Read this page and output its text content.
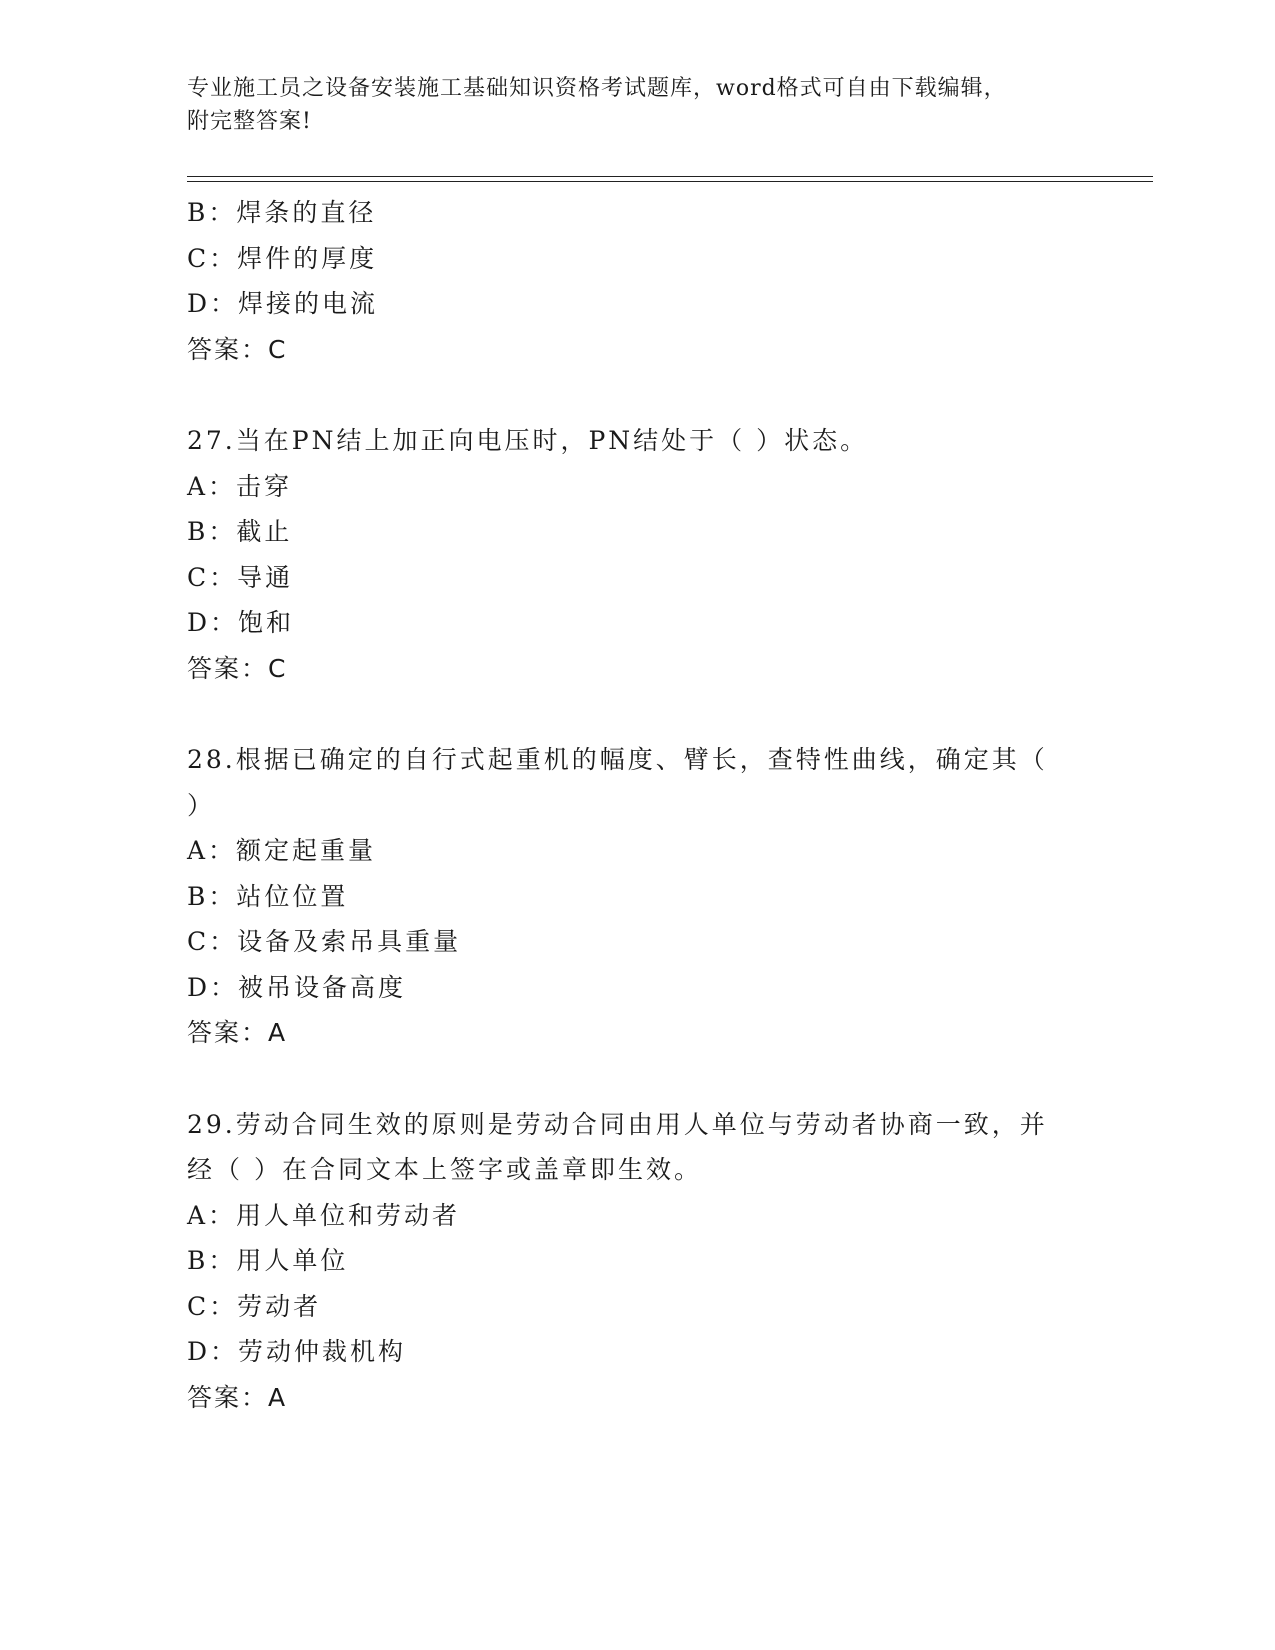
专业施工员之设备安装施工基础知识资格考试题库，word格式可自由下载编辑，
附完整答案!
B：焊条的直径
C：焊件的厚度
D：焊接的电流
答案：C
27.当在PN结上加正向电压时，PN结处于（ ）状态。
A：击穿
B：截止
C：导通
D：饱和
答案：C
28.根据已确定的自行式起重机的幅度、臂长，查特性曲线，确定其（
）
A：额定起重量
B：站位位置
C：设备及索吊具重量
D：被吊设备高度
答案：A
29.劳动合同生效的原则是劳动合同由用人单位与劳动者协商一致，并
经（ ）在合同文本上签字或盖章即生效。
A：用人单位和劳动者
B：用人单位
C：劳动者
D：劳动仲裁机构
答案：A
